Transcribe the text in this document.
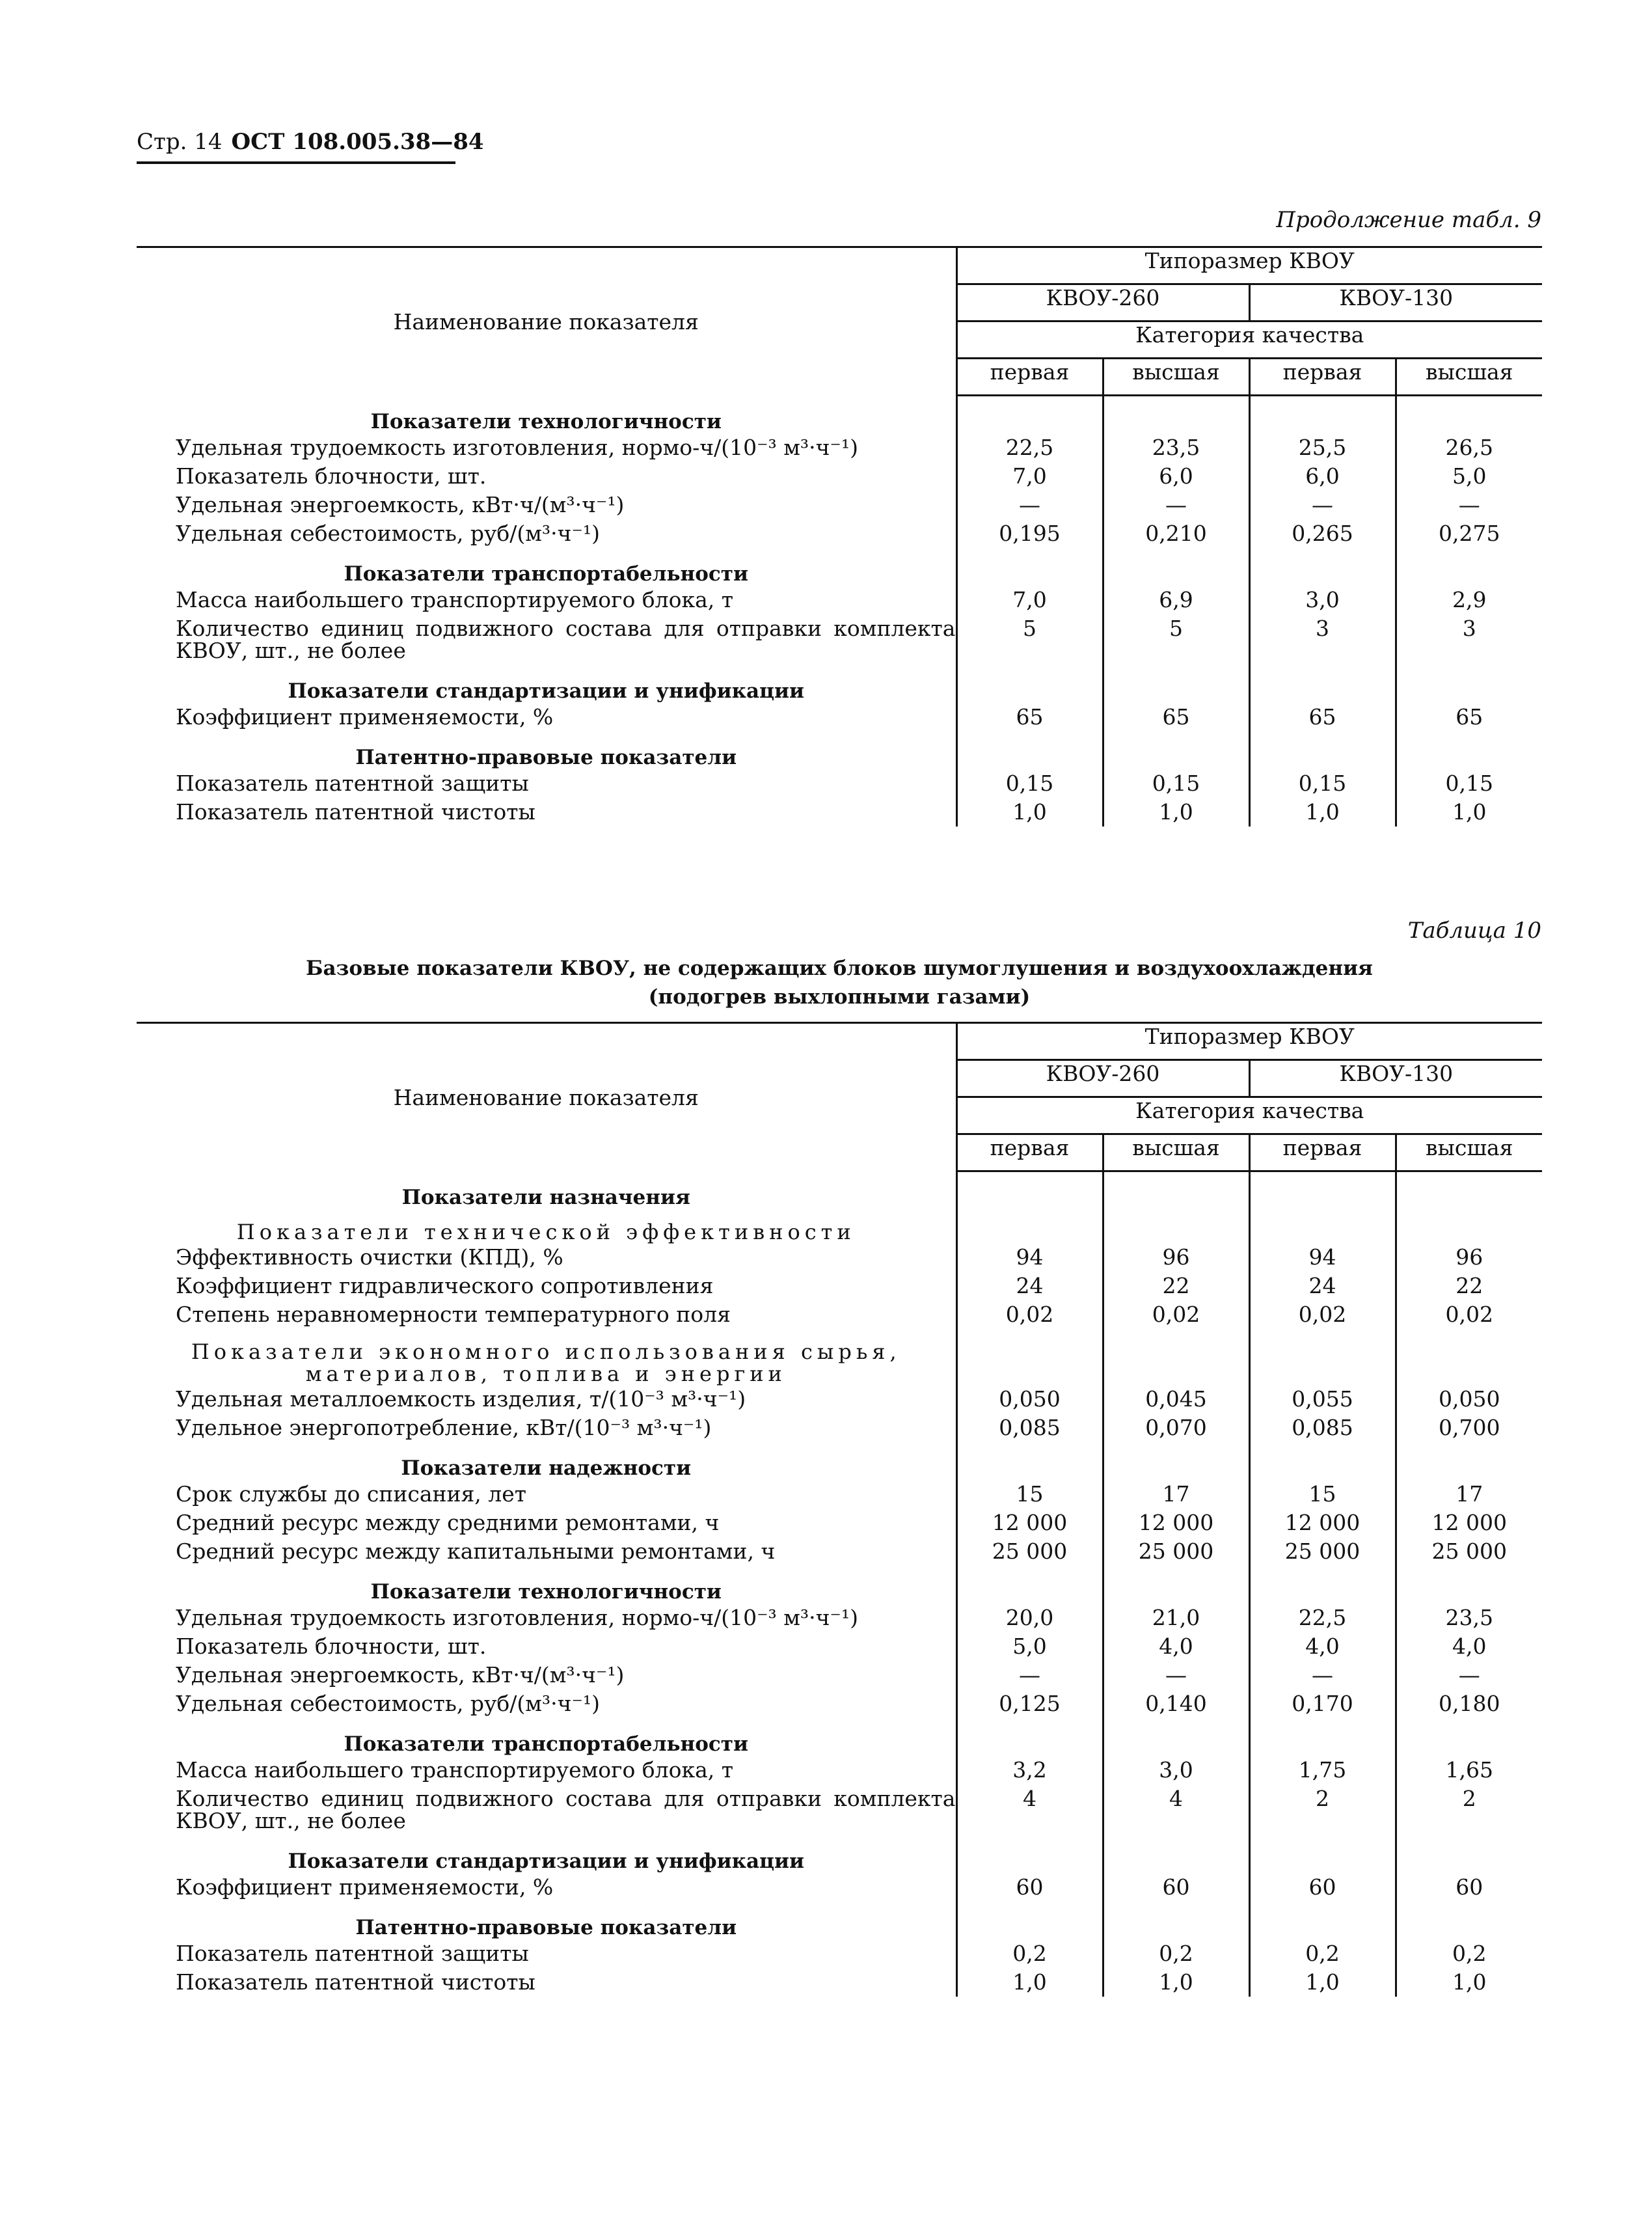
Стр. 14 ОСТ 108.005.38—84
Продолжение табл. 9
Наименование показателя	Типоразмер КВОУ			
	КВОУ-260		КВОУ-130	
	Категория качества			
	первая	высшая	первая	высшая
Показатели технологичности				
Удельная трудоемкость изготовления, нормо-ч/(10⁻³ м³·ч⁻¹)	22,5	23,5	25,5	26,5
Показатель блочности, шт.	7,0	6,0	6,0	5,0
Удельная энергоемкость, кВт·ч/(м³·ч⁻¹)	—	—	—	—
Удельная себестоимость, руб/(м³·ч⁻¹)	0,195	0,210	0,265	0,275
Показатели транспортабельности				
Масса наибольшего транспортируемого блока, т	7,0	6,9	3,0	2,9
Количество единиц подвижного состава для отправки комплекта КВОУ, шт., не более	5	5	3	3
Показатели стандартизации и унификации				
Коэффициент применяемости, %	65	65	65	65
Патентно-правовые показатели				
Показатель патентной защиты	0,15	0,15	0,15	0,15
Показатель патентной чистоты	1,0	1,0	1,0	1,0
Таблица 10
Базовые показатели КВОУ, не содержащих блоков шумоглушения и воздухоохлаждения
(подогрев выхлопными газами)
Наименование показателя	Типоразмер КВОУ			
	КВОУ-260		КВОУ-130	
	Категория качества			
	первая	высшая	первая	высшая
Показатели назначения				
Показатели технической эффективности				
Эффективность очистки (КПД), %	94	96	94	96
Коэффициент гидравлического сопротивления	24	22	24	22
Степень неравномерности температурного поля	0,02	0,02	0,02	0,02
Показатели экономного использования сырья,
материалов, топлива и энергии				
Удельная металлоемкость изделия, т/(10⁻³ м³·ч⁻¹)	0,050	0,045	0,055	0,050
Удельное энергопотребление, кВт/(10⁻³ м³·ч⁻¹)	0,085	0,070	0,085	0,700
Показатели надежности				
Срок службы до списания, лет	15	17	15	17
Средний ресурс между средними ремонтами, ч	12 000	12 000	12 000	12 000
Средний ресурс между капитальными ремонтами, ч	25 000	25 000	25 000	25 000
Показатели технологичности				
Удельная трудоемкость изготовления, нормо-ч/(10⁻³ м³·ч⁻¹)	20,0	21,0	22,5	23,5
Показатель блочности, шт.	5,0	4,0	4,0	4,0
Удельная энергоемкость, кВт·ч/(м³·ч⁻¹)	—	—	—	—
Удельная себестоимость, руб/(м³·ч⁻¹)	0,125	0,140	0,170	0,180
Показатели транспортабельности				
Масса наибольшего транспортируемого блока, т	3,2	3,0	1,75	1,65
Количество единиц подвижного состава для отправки комплекта КВОУ, шт., не более	4	4	2	2
Показатели стандартизации и унификации				
Коэффициент применяемости, %	60	60	60	60
Патентно-правовые показатели				
Показатель патентной защиты	0,2	0,2	0,2	0,2
Показатель патентной чистоты	1,0	1,0	1,0	1,0
